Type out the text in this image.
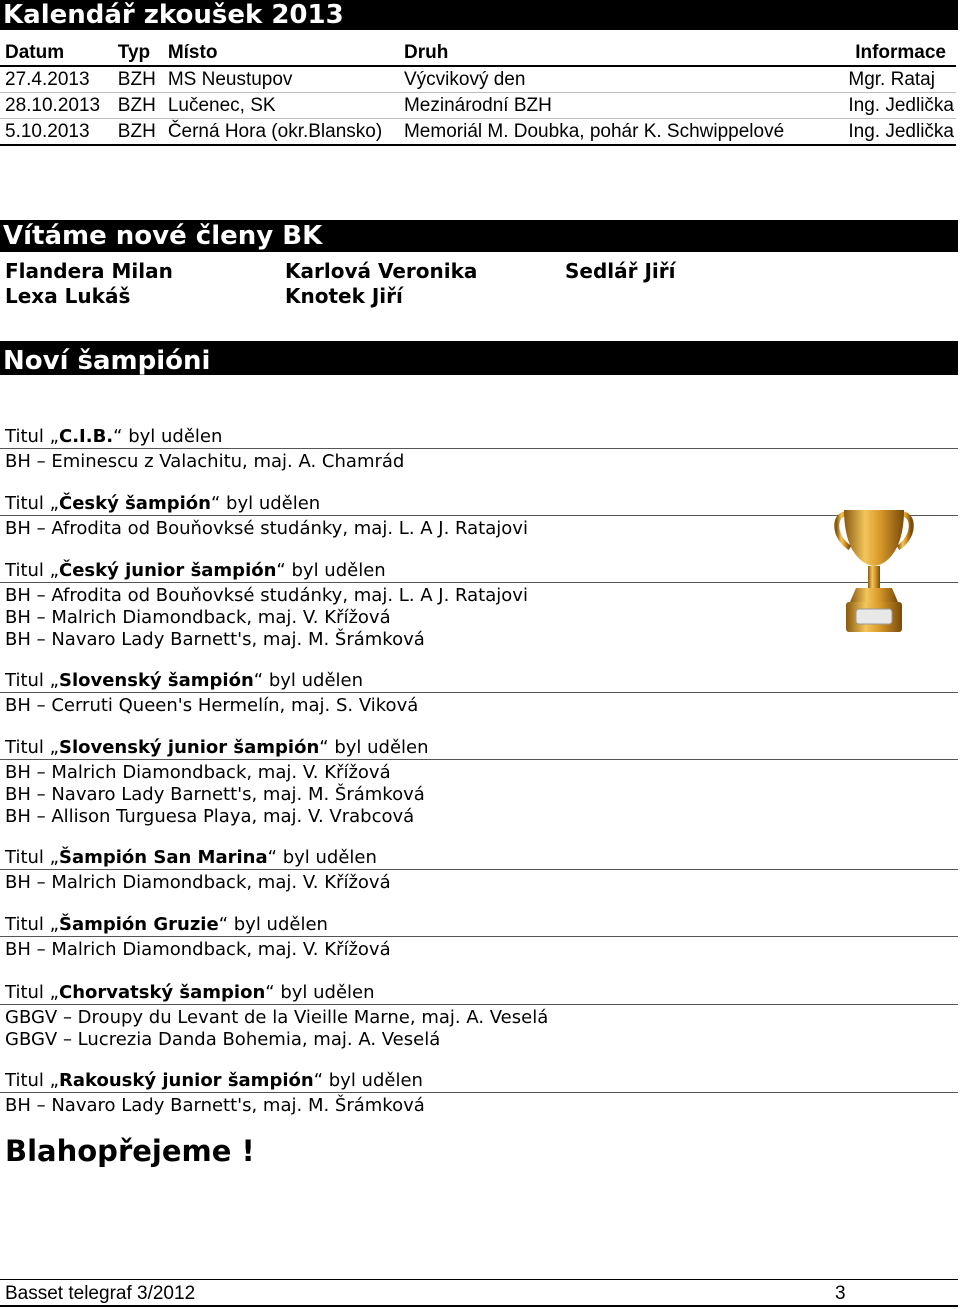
Kalendář zkoušek 2013
Datum	Typ	Místo	Druh	Informace
27.4.2013	BZH	MS Neustupov	Výcvikový den	Mgr. Rataj
28.10.2013	BZH	Lučenec, SK	Mezinárodní BZH	Ing. Jedlička
5.10.2013	BZH	Černá Hora (okr.Blansko)	Memoriál M. Doubka, pohár K. Schwippelové	Ing. Jedlička
Vítáme nové členy BK
Flandera Milan	Karlová Veronika	Sedlář Jiří
Lexa Lukáš	Knotek Jiří
Noví šampióni
Titul „C.I.B.“ byl udělen
BH – Eminescu z Valachitu, maj. A. Chamrád
Titul „Český šampión“ byl udělen
BH – Afrodita od Bouňovksé studánky, maj. L. A J. Ratajovi
Titul „Český junior šampión“ byl udělen
BH – Afrodita od Bouňovksé studánky, maj. L. A J. Ratajovi
BH – Malrich Diamondback, maj. V. Křížová
BH – Navaro Lady Barnett's, maj. M. Šrámková
Titul „Slovenský šampión“ byl udělen
BH – Cerruti Queen's Hermelín, maj. S. Viková
Titul „Slovenský junior šampión“ byl udělen
BH – Malrich Diamondback, maj. V. Křížová
BH – Navaro Lady Barnett's, maj. M. Šrámková
BH – Allison Turguesa Playa, maj. V. Vrabcová
Titul „Šampión San Marina“ byl udělen
BH – Malrich Diamondback, maj. V. Křížová
Titul „Šampión Gruzie“ byl udělen
BH – Malrich Diamondback, maj. V. Křížová
Titul „Chorvatský šampion“ byl udělen
GBGV – Droupy du Levant de la Vieille Marne, maj. A. Veselá
GBGV – Lucrezia Danda Bohemia, maj. A. Veselá
Titul „Rakouský junior šampión“ byl udělen
BH – Navaro Lady Barnett's, maj. M. Šrámková
Blahopřejeme !
Basset telegraf 3/2012	3
